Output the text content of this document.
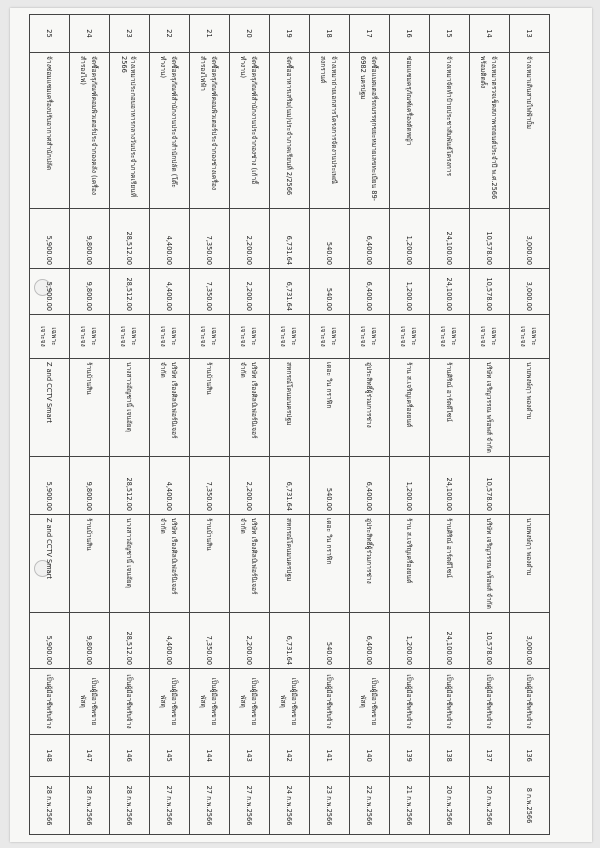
13	จ้างเหมาเดินสายไฟฟ้าปั้ม	3,000.00	3,000.00	เฉพาะเจาะจง	นายพงษ์ฤา พองดำบ		นายพงษ์ฤา พองดำบ	3,000.00	เป็นผู้มีอาชีพรับจ้าง	136	8 ก.พ.2566
14	จ้างเหมาตรวจเช็คสภาพรถยนต์ประจำปี พ.ศ.2566 พร้อมติดตั้ง	10,578.00	10,578.00	เฉพาะเจาะจง	บริษัท เจริญวรรณ พร็อพส์ จำกัด	10,578.00	บริษัท เจริญวรรณ พร็อพส์ จำกัด	10,578.00	เป็นผู้มีอาชีพรับจ้าง	137	20 ก.พ.2566
15	จ้างเหมาจัดทำป้ายประชาสัมพันธ์โครงการ	24,100.00	24,100.00	เฉพาะเจาะจง	ร้านศิริณ์ อาร์ตดีไซน์	24,100.00	ร้านศิริณ์ อาร์ตดีไซน์	24,100.00	เป็นผู้มีอาชีพรับจ้าง	138	20 ก.พ.2566
16	ซ่อมแซมครุภัณฑ์เครื่องตัดหญ้า	1,200.00	1,200.00	เฉพาะเจาะจง	ร้าน ส.เจริญเครื่องยนต์	1,200.00	ร้าน ส.เจริญเครื่องยนต์	1,200.00	เป็นผู้มีอาชีพรับจ้าง	139	21 ก.พ.2566
17	จัดซื้อแบตเตอรี่รถบรรทุกขยะหมายเลขทะเบียน 89-6982 นครปฐม	6,400.00	6,400.00	เฉพาะเจาะจง	อู่ประสิทธิ์ผู้ร่วมการช่าง	6,400.00	อู่ประสิทธิ์ผู้ร่วมการช่าง	6,400.00	เป็นผู้มีอาชีพขายพัสดุ	140	22 ก.พ.2566
18	จ้างเหมาถ่ายเอกสารโครงการจัดงานประเพณีสงกรานต์	540.00	540.00	เฉพาะเจาะจง	เดอะ วิน กราฟิก	540.00	เดอะ วิน กราฟิก	540.00	เป็นผู้มีอาชีพรับจ้าง	141	23 ก.พ.2566
19	จัดซื้ออาหารเสริม(นม)ประจำภาคเรียนที่ 2/2566	6,731.64	6,731.64	เฉพาะเจาะจง	สหกรณ์โคนมนครปฐม	6,731.64	สหกรณ์โคนมนครปฐม	6,731.64	เป็นผู้มีอาชีพขายพัสดุ	142	24 ก.พ.2566
20	จัดซื้อครุภัณฑ์สำนักงานประจำกองช่าง (เก้าอี้ทำงาน)	2,200.00	2,200.00	เฉพาะเจาะจง	บริษัท เรืองศิลป์เฟอร์นิเจอร์ จำกัด	2,200.00	บริษัท เรืองศิลป์เฟอร์นิเจอร์ จำกัด	2,200.00	เป็นผู้มีอาชีพขายพัสดุ	143	27 ก.พ.2566
21	จัดซื้อครุภัณฑ์คอมพิวเตอร์ประจำกองช่างเครื่องสำรองไฟฟ้า	7,350.00	7,350.00	เฉพาะเจาะจง	ร้านบ้านสิน	7,350.00	ร้านบ้านสิน	7,350.00	เป็นผู้มีอาชีพขายพัสดุ	144	27 ก.พ.2566
22	จัดซื้อครุภัณฑ์สำนักงานประจำสำนักปลัด (โต๊ะทำงาน)	4,400.00	4,400.00	เฉพาะเจาะจง	บริษัท เรืองศิลป์เฟอร์นิเจอร์ จำกัด	4,400.00	บริษัท เรืองศิลป์เฟอร์นิเจอร์ จำกัด	4,400.00	เป็นผู้มีอาชีพขายพัสดุ	145	27 ก.พ.2566
23	จ้างเหมาประกอบอาหารกลางวันประจำภาคเรียนที่ 2566	28,512.00	28,512.00	เฉพาะเจาะจง	นางสาวอัญชานิ์ เจนอัยดุ	28,512.00	นางสาวอัญชานิ์ เจนอัยดุ	28,512.00	เป็นผู้มีอาชีพรับจ้าง	146	28 ก.พ.2566
24	จัดซื้อครุภัณฑ์คอมพิวเตอร์ประจำกองคลัง (เครื่องสำรองไฟ)	9,800.00	9,800.00	เฉพาะเจาะจง	ร้านบ้านสิน	9,800.00	ร้านบ้านสิน	9,800.00	เป็นผู้มีอาชีพขายพัสดุ	147	28 ก.พ.2566
25	จ้างซ่อมแซมเครื่องปรับอากาศสำนักปลัด	5,900.00	5,900.00	เฉพาะเจาะจง	Z and CCTV Smart	5,900.00	Z and CCTV Smart	5,900.00	เป็นผู้มีอาชีพรับจ้าง	148	28 ก.พ.2566
